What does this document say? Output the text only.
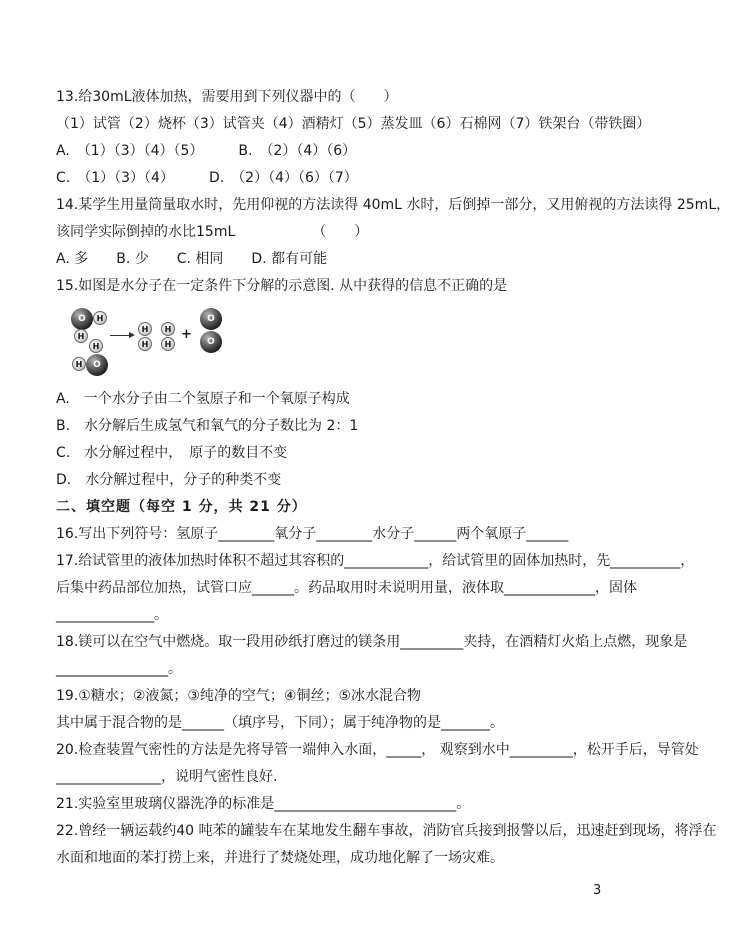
13.给30mL液体加热，需要用到下列仪器中的（　　）
（1）试管（2）烧杯（3）试管夹（4）酒精灯（5）蒸发皿（6）石棉网（7）铁架台（带铁圈）
A.　（1）（3）（4）（5）　　　B.　（2）（4）（6）
C.　（1）（3）（4）　　　D.　（2）（4）（6）（7）
14.某学生用量筒量取水时，先用仰视的方法读得 40mL 水时，后倒掉一部分，又用俯视的方法读得 25mL，
该同学实际倒掉的水比15mL　　　　　　（　　）
A. 多　　B. 少　　C. 相同　　D. 都有可能
15.如图是水分子在一定条件下分解的示意图. 从中获得的信息不正确的是
O	H
H
H
O
H
H
H
H
H
+
O
O
A.　一个水分子由二个氢原子和一个氧原子构成
B.　水分解后生成氢气和氧气的分子数比为 2：1
C.　水分解过程中，　原子的数目不变
D.　水分解过程中，分子的种类不变
二、填空题（每空 1 分，共 21 分）
16.写出下列符号：氢原子________氧分子________水分子______两个氧原子______
17.给试管里的液体加热时体积不超过其容积的____________，给试管里的固体加热时，先__________，
后集中药品部位加热，试管口应______。药品取用时未说明用量，液体取_____________，固体
______________。
18.镁可以在空气中燃烧。取一段用砂纸打磨过的镁条用_________夹持，在酒精灯火焰上点燃，现象是
________________。
19.①糖水；②液氮；③纯净的空气；④铜丝；⑤冰水混合物
其中属于混合物的是______（填序号，下同）；属于纯净物的是_______。
20.检查装置气密性的方法是先将导管一端伸入水面，_____， 观察到水中_________，松开手后，导管处
_______________，说明气密性良好.
21.实验室里玻璃仪器洗净的标准是__________________________。
22.曾经一辆运载约40 吨苯的罐装车在某地发生翻车事故，消防官兵接到报警以后，迅速赶到现场，将浮在
水面和地面的苯打捞上来，并进行了焚烧处理，成功地化解了一场灾难。
3
